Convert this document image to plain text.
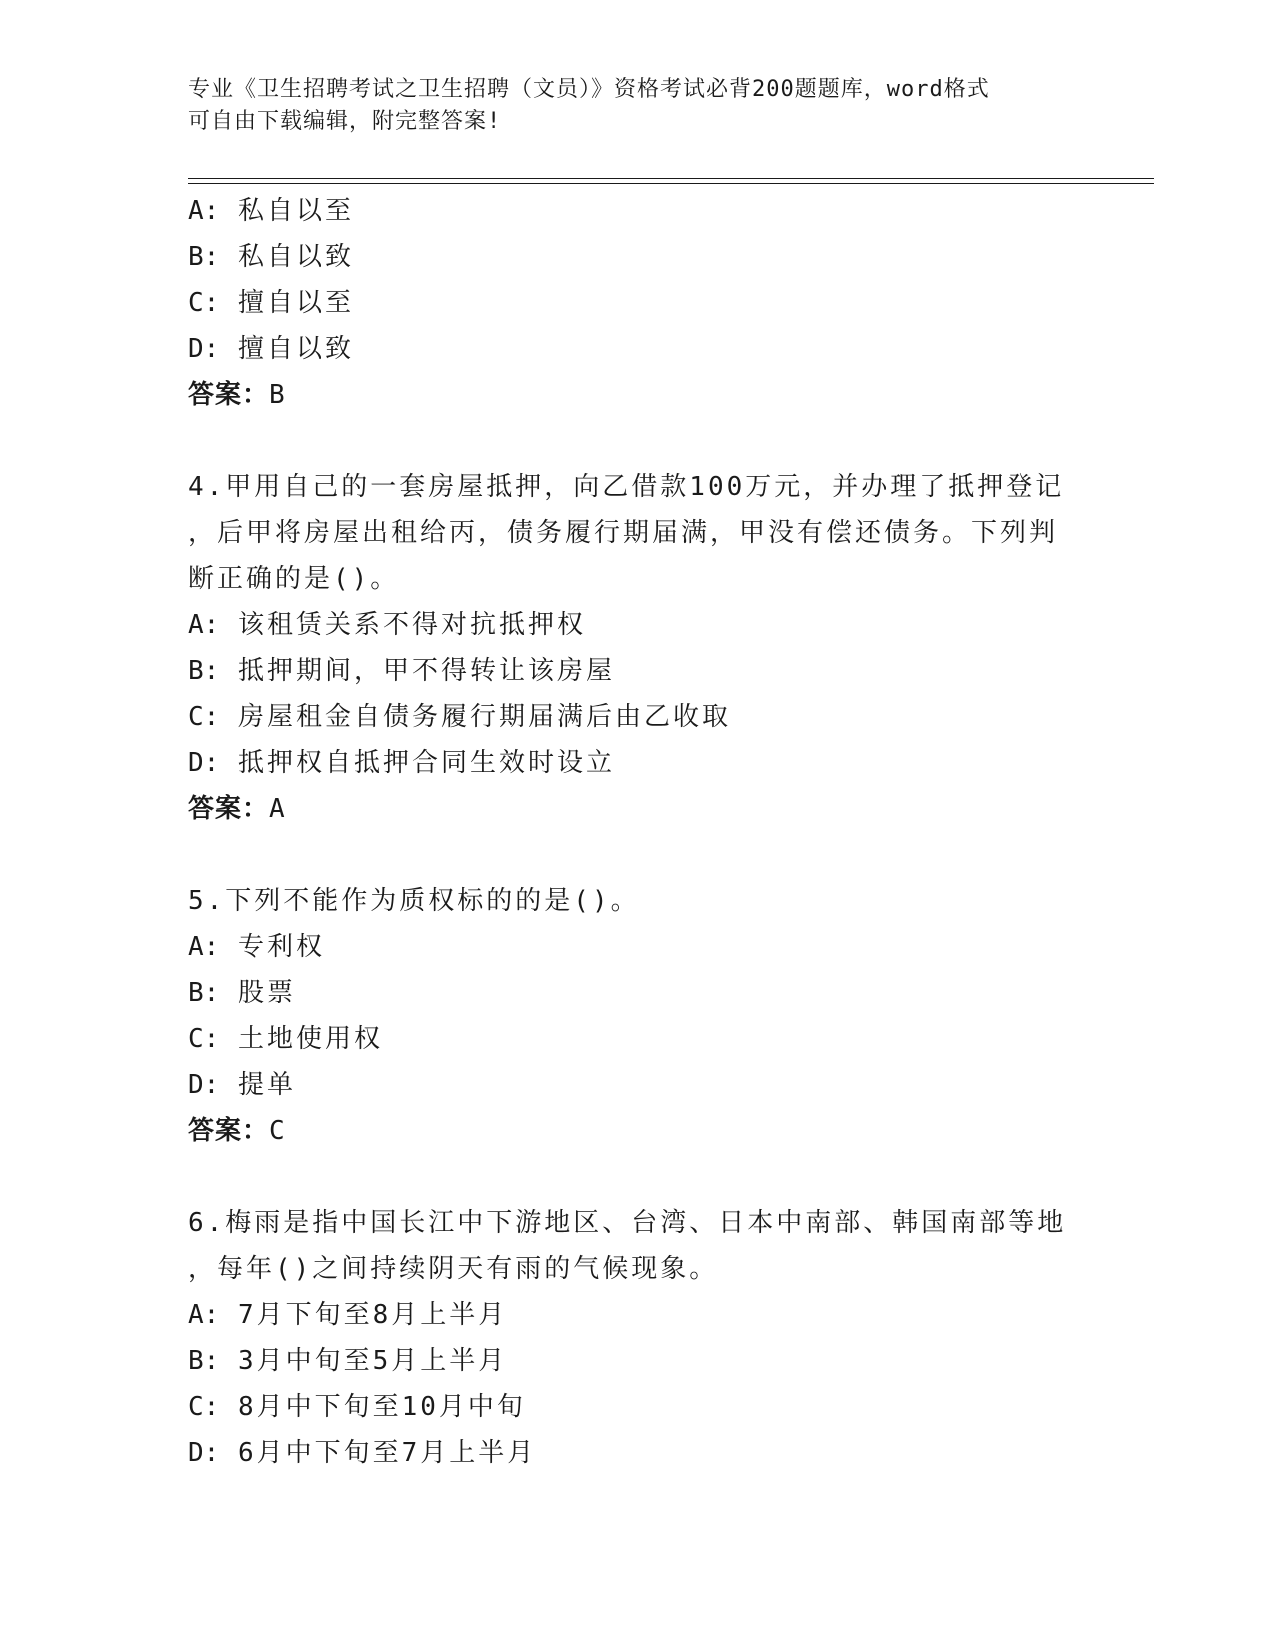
专业《卫生招聘考试之卫生招聘（文员）》资格考试必背200题题库，word格式
可自由下载编辑，附完整答案!
A: 私自以至
B: 私自以致
C: 擅自以至
D: 擅自以致
答案：B
4.甲用自己的一套房屋抵押，向乙借款100万元，并办理了抵押登记
，后甲将房屋出租给丙，债务履行期届满，甲没有偿还债务。下列判
断正确的是()。
A: 该租赁关系不得对抗抵押权
B: 抵押期间，甲不得转让该房屋
C: 房屋租金自债务履行期届满后由乙收取
D: 抵押权自抵押合同生效时设立
答案：A
5.下列不能作为质权标的的是()。
A: 专利权
B: 股票
C: 土地使用权
D: 提单
答案：C
6.梅雨是指中国长江中下游地区、台湾、日本中南部、韩国南部等地
，每年()之间持续阴天有雨的气候现象。
A: 7月下旬至8月上半月
B: 3月中旬至5月上半月
C: 8月中下旬至10月中旬
D: 6月中下旬至7月上半月
